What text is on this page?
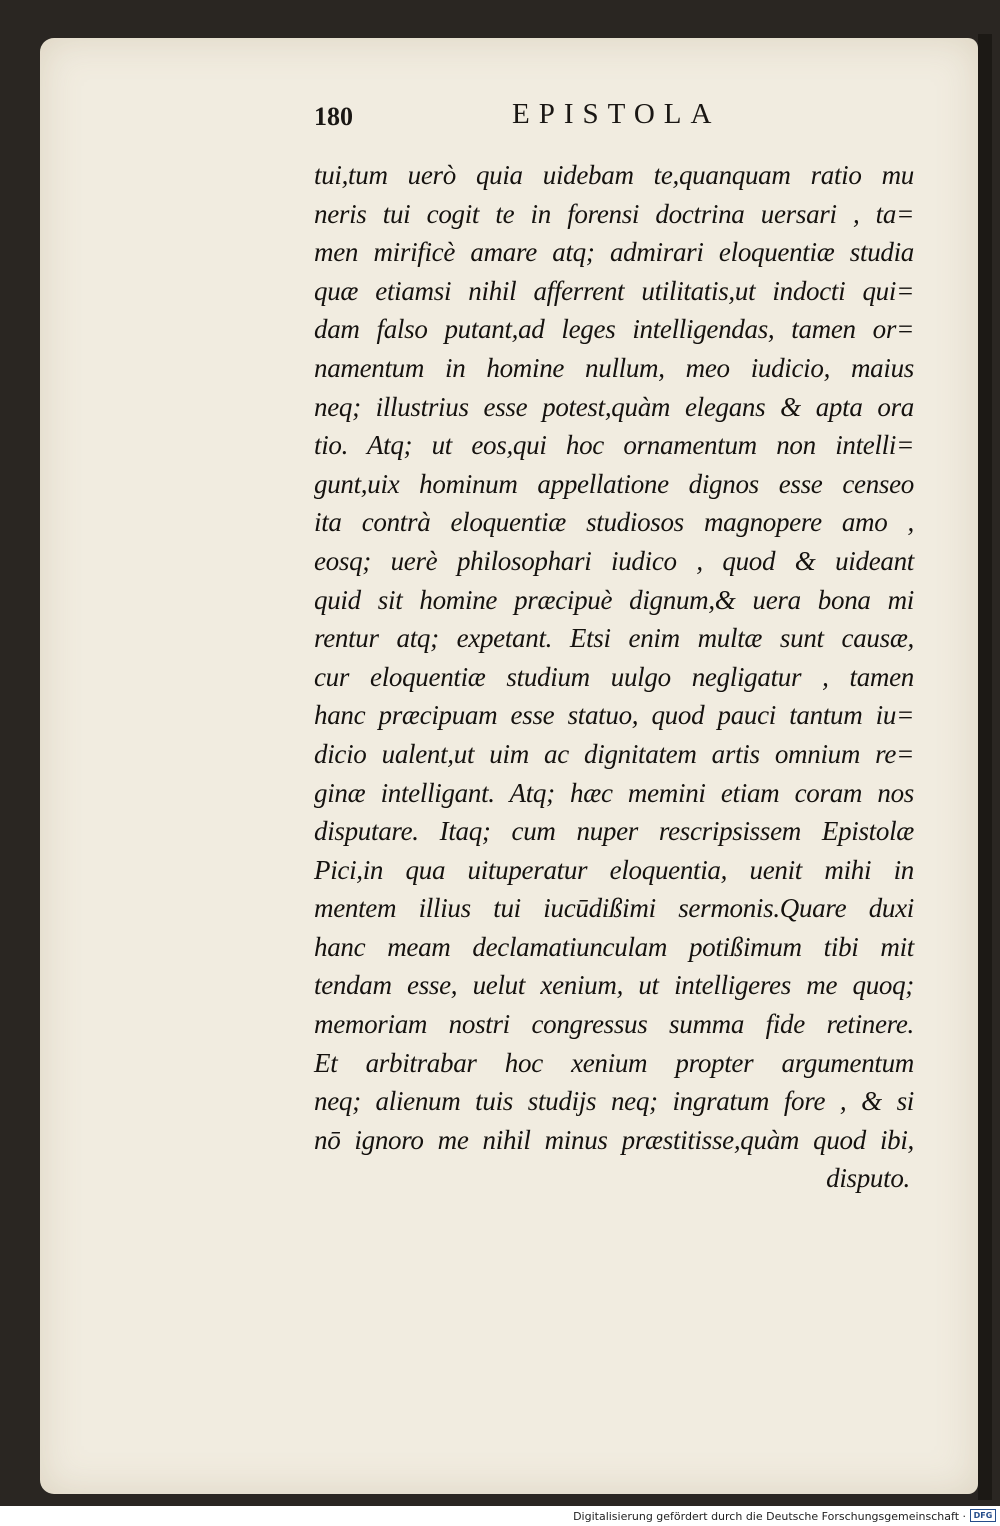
180	EPISTOLA
tui,tum uerò quia uidebam te,quanquam ratio mu
neris tui cogit te in forensi doctrina uersari , ta=
men mirificè amare atq; admirari eloquentiæ studia
quæ etiamsi nihil afferrent utilitatis,ut indocti qui=
dam falso putant,ad leges intelligendas, tamen or=
namentum in homine nullum, meo iudicio, maius
neq; illustrius esse potest,quàm elegans & apta ora
tio. Atq; ut eos,qui hoc ornamentum non intelli=
gunt,uix hominum appellatione dignos esse censeo
ita contrà eloquentiæ studiosos magnopere amo ,
eosq; uerè philosophari iudico , quod & uideant
quid sit homine præcipuè dignum,& uera bona mi
rentur atq; expetant. Etsi enim multæ sunt causæ,
cur eloquentiæ studium uulgo negligatur , tamen
hanc præcipuam esse statuo, quod pauci tantum iu=
dicio ualent,ut uim ac dignitatem artis omnium re=
ginæ intelligant. Atq; hæc memini etiam coram nos
disputare. Itaq; cum nuper rescripsissem Epistolæ
Pici,in qua uituperatur eloquentia, uenit mihi in
mentem illius tui iucūdißimi sermonis.Quare duxi
hanc meam declamatiunculam potißimum tibi mit
tendam esse, uelut xenium, ut intelligeres me quoq;
memoriam nostri congressus summa fide retinere.
Et arbitrabar hoc xenium propter argumentum
neq; alienum tuis studijs neq; ingratum fore , & si
nō ignoro me nihil minus præstitisse,quàm quod ibi,
disputo.
Digitalisierung gefördert durch die Deutsche Forschungsgemeinschaft · DFG
